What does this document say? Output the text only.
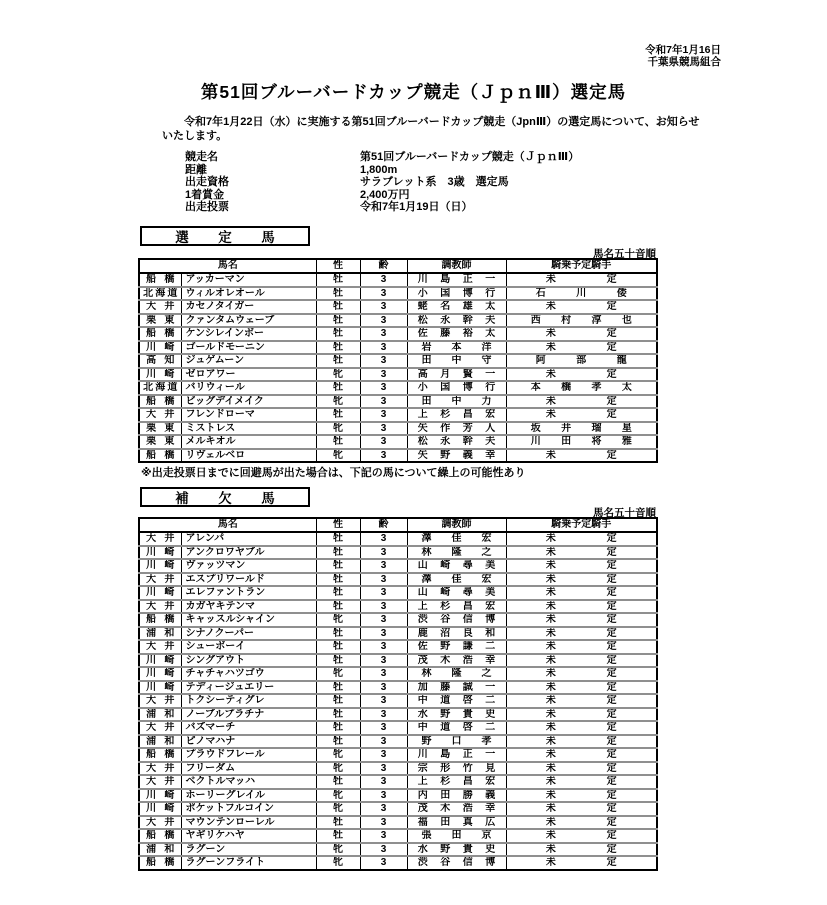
令和7年1月16日
千葉県競馬組合
第51回ブルーバードカップ競走（ＪｐｎⅢ）選定馬

令和7年1月22日（水）に実施する第51回ブルーバードカップ競走（JpnⅢ）の選定馬について、お知らせ
いたします。

競走名	第51回ブルーバードカップ競走（ＪｐｎⅢ）
距離	1,800m
出走資格	サラブレット系　3歳　選定馬
1着賞金	2,400万円
出走投票	令和7年1月19日（日）
選　定　馬
馬名五十音順
馬名		性	齢	調教師	騎乗予定騎手

船 橋	アッカーマン	牡	3	川 島 正 一	未 定

北 海 道	ウィルオレオール	牡	3	小 国 博 行	石 川 倭

大 井	カセノタイガー	牡	3	蛯 名 雄 太	未 定

栗 東	クァンタムウェーブ	牡	3	松 永 幹 夫	西 村 淳 也

船 橋	ケンシレインボー	牡	3	佐 藤 裕 太	未 定

川 崎	ゴールドモーニン	牡	3	岩 本 洋	未 定

高 知	ジュゲムーン	牡	3	田 中 守	阿 部 龍

川 崎	ゼロアワー	牝	3	高 月 賢 一	未 定

北 海 道	バリウィール	牡	3	小 国 博 行	本 橋 孝 太

船 橋	ビッグデイメイク	牝	3	田 中 力	未 定

大 井	フレンドローマ	牡	3	上 杉 昌 宏	未 定

栗 東	ミストレス	牝	3	矢 作 芳 人	坂 井 瑠 星

栗 東	メルキオル	牡	3	松 永 幹 夫	川 田 将 雅

船 橋	リヴェルベロ	牝	3	矢 野 義 幸	未 定

※出走投票日までに回避馬が出た場合は、下記の馬について繰上の可能性あり

補　欠　馬
馬名五十音順
馬名		性	齢	調教師	騎乗予定騎手

大 井	アレンパ	牡	3	澤 佳 宏	未 定

川 崎	アンクロワヤブル	牡	3	林 隆 之	未 定

川 崎	ヴァッツマン	牡	3	山 崎 尋 美	未 定

大 井	エスプリワールド	牡	3	澤 佳 宏	未 定

川 崎	エレファントラン	牡	3	山 崎 尋 美	未 定

大 井	カガヤキテンマ	牡	3	上 杉 昌 宏	未 定

船 橋	キャッスルシャイン	牝	3	渋 谷 信 博	未 定

浦 和	シナノクーパー	牡	3	鹿 沼 良 和	未 定

大 井	シューボーイ	牡	3	佐 野 謙 二	未 定

川 崎	シングアウト	牡	3	茂 木 浩 幸	未 定

川 崎	チャチャハツゴウ	牝	3	林 隆 之	未 定

川 崎	テディージュエリー	牡	3	加 藤 誠 一	未 定

大 井	トクシーティグレ	牡	3	中 道 啓 二	未 定

浦 和	ノーブルプラチナ	牡	3	水 野 貴 史	未 定

大 井	バズマーチ	牡	3	中 道 啓 二	未 定

浦 和	ピノマハナ	牡	3	野 口 孝	未 定

船 橋	プラウドフレール	牝	3	川 島 正 一	未 定

大 井	フリーダム	牝	3	宗 形 竹 見	未 定

大 井	ベクトルマッハ	牡	3	上 杉 昌 宏	未 定

川 崎	ホーリーグレイル	牝	3	内 田 勝 義	未 定

川 崎	ポケットフルコイン	牝	3	茂 木 浩 幸	未 定

大 井	マウンテンローレル	牡	3	福 田 真 広	未 定

船 橋	ヤギリケハヤ	牡	3	張 田 京	未 定

浦 和	ラグーン	牝	3	水 野 貴 史	未 定

船 橋	ラグーンフライト	牝	3	渋 谷 信 博	未 定
